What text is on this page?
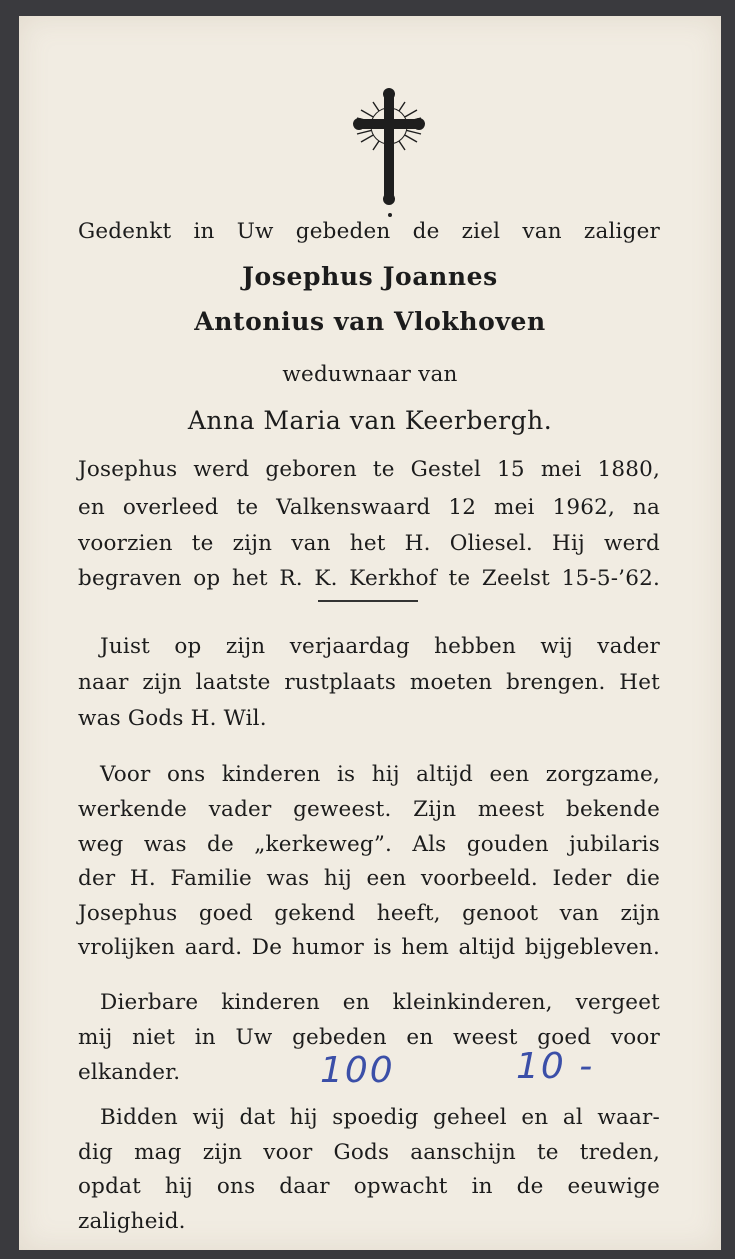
Gedenkt in Uw gebeden de ziel van zaliger
Josephus Joannes
Antonius van Vlokhoven
weduwnaar van
Anna Maria van Keerbergh.
Josephus werd geboren te Gestel 15 mei 1880,
en overleed te Valkenswaard 12 mei 1962, na
voorzien te zijn van het H. Oliesel. Hij werd
begraven op het R. K. Kerkhof te Zeelst 15-5-’62.
Juist op zijn verjaardag hebben wij vader
naar zijn laatste rustplaats moeten brengen. Het
was Gods H. Wil.
Voor ons kinderen is hij altijd een zorgzame,
werkende vader geweest. Zijn meest bekende
weg was de „kerkeweg”. Als gouden jubilaris
der H. Familie was hij een voorbeeld. Ieder die
Josephus goed gekend heeft, genoot van zijn
vrolijken aard. De humor is hem altijd bijgebleven.
Dierbare kinderen en kleinkinderen, vergeet
mij niet in Uw gebeden en weest goed voor
elkander.	100	10 -
Bidden wij dat hij spoedig geheel en al waar-
dig mag zijn voor Gods aanschijn te treden,
opdat hij ons daar opwacht in de eeuwige
zaligheid.
